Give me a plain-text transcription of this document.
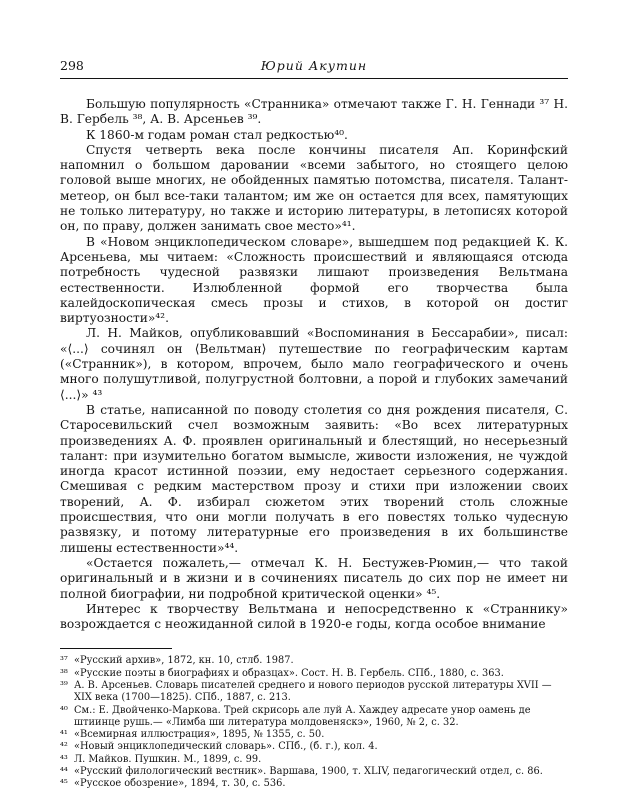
298	Юрий Акутин

Большую популярность «Странника» отмечают также Г. Н. Геннади ³⁷ Н. В. Гербель ³⁸, А. В. Арсеньев ³⁹.

К 1860-м годам роман стал редкостью⁴⁰.

Спустя четверть века после кончины писателя Ап. Коринфский напомнил о большом даровании «всеми забытого, но стоящего целою головой выше многих, не обойденных памятью потомства, писателя. Талант-метеор, он был все-таки талантом; им же он остается для всех, памятующих не только литературу, но также и историю литературы, в летописях которой он, по праву, должен занимать свое место»⁴¹.

В «Новом энциклопедическом словаре», вышедшем под редакцией К. К. Арсеньева, мы читаем: «Сложность происшествий и являющаяся отсюда потребность чудесной развязки лишают произведения Вельтмана естественности. Излюбленной формой его творчества была калейдоскопическая смесь прозы и стихов, в которой он достиг виртуозности»⁴².

Л. Н. Майков, опубликовавший «Воспоминания в Бессарабии», писал: «⟨...⟩ сочинял он ⟨Вельтман⟩ путешествие по географическим картам («Странник»), в котором, впрочем, было мало географического и очень много полушутливой, полугрустной болтовни, а порой и глубоких замечаний ⟨...⟩» ⁴³

В статье, написанной по поводу столетия со дня рождения писателя, С. Старосевильский счел возможным заявить: «Во всех литературных произведениях А. Ф. проявлен оригинальный и блестящий, но несерьезный талант: при изумительно богатом вымысле, живости изложения, не чуждой иногда красот истинной поэзии, ему недостает серьезного содержания. Смешивая с редким мастерством прозу и стихи при изложении своих творений, А. Ф. избирал сюжетом этих творений столь сложные происшествия, что они могли получать в его повестях только чудесную развязку, и потому литературные его произведения в их большинстве лишены естественности»⁴⁴.

«Остается пожалеть,— отмечал К. Н. Бестужев-Рюмин,— что такой оригинальный и в жизни и в сочинениях писатель до сих пор не имеет ни полной биографии, ни подробной критической оценки» ⁴⁵.

Интерес к творчеству Вельтмана и непосредственно к «Страннику» возрождается с неожиданной силой в 1920-е годы, когда особое внимание

³⁷ «Русский архив», 1872, кн. 10, стлб. 1987.
³⁸ «Русские поэты в биографиях и образцах». Сост. Н. В. Гербель. СПб., 1880, с. 363.
³⁹ А. В. Арсеньев. Словарь писателей среднего и нового периодов русской литературы XVII — XIX века (1700—1825). СПб., 1887, с. 213.
⁴⁰ См.: Е. Двойченко-Маркова. Трей скрисорь але луй А. Хаждеу адресате унор оамень де штиинце рушь.— «Лимба ши литература молдовеняскэ», 1960, № 2, с. 32.
⁴¹ «Всемирная иллюстрация», 1895, № 1355, с. 50.
⁴² «Новый энциклопедический словарь». СПб., (б. г.), кол. 4.
⁴³ Л. Майков. Пушкин. М., 1899, с. 99.
⁴⁴ «Русский филологический вестник». Варшава, 1900, т. XLIV, педагогический отдел, с. 86.
⁴⁵ «Русское обозрение», 1894, т. 30, с. 536.
